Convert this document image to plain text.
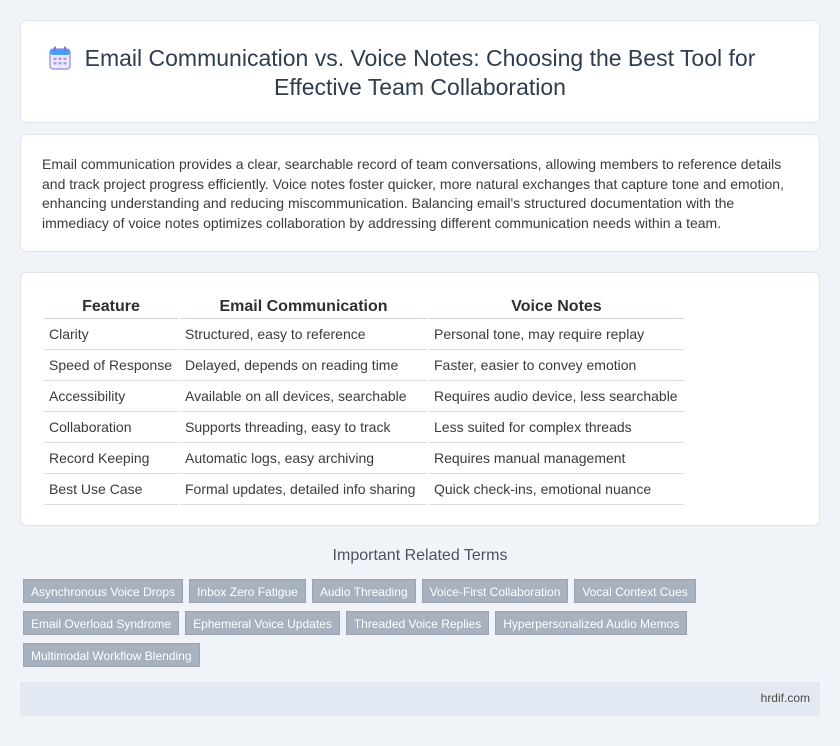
Email Communication vs. Voice Notes: Choosing the Best Tool for Effective Team Collaboration

Email communication provides a clear, searchable record of team conversations, allowing members to reference details and track project progress efficiently. Voice notes foster quicker, more natural exchanges that capture tone and emotion, enhancing understanding and reducing miscommunication. Balancing email's structured documentation with the immediacy of voice notes optimizes collaboration by addressing different communication needs within a team.

Feature	Email Communication	Voice Notes
Clarity	Structured, easy to reference	Personal tone, may require replay
Speed of Response	Delayed, depends on reading time	Faster, easier to convey emotion
Accessibility	Available on all devices, searchable	Requires audio device, less searchable
Collaboration	Supports threading, easy to track	Less suited for complex threads
Record Keeping	Automatic logs, easy archiving	Requires manual management
Best Use Case	Formal updates, detailed info sharing	Quick check-ins, emotional nuance
Important Related Terms
Asynchronous Voice Drops	Inbox Zero Fatigue	Audio Threading	Voice-First Collaboration	Vocal Context Cues
Email Overload Syndrome	Ephemeral Voice Updates	Threaded Voice Replies	Hyperpersonalized Audio Memos
Multimodal Workflow Blending
hrdif.com
